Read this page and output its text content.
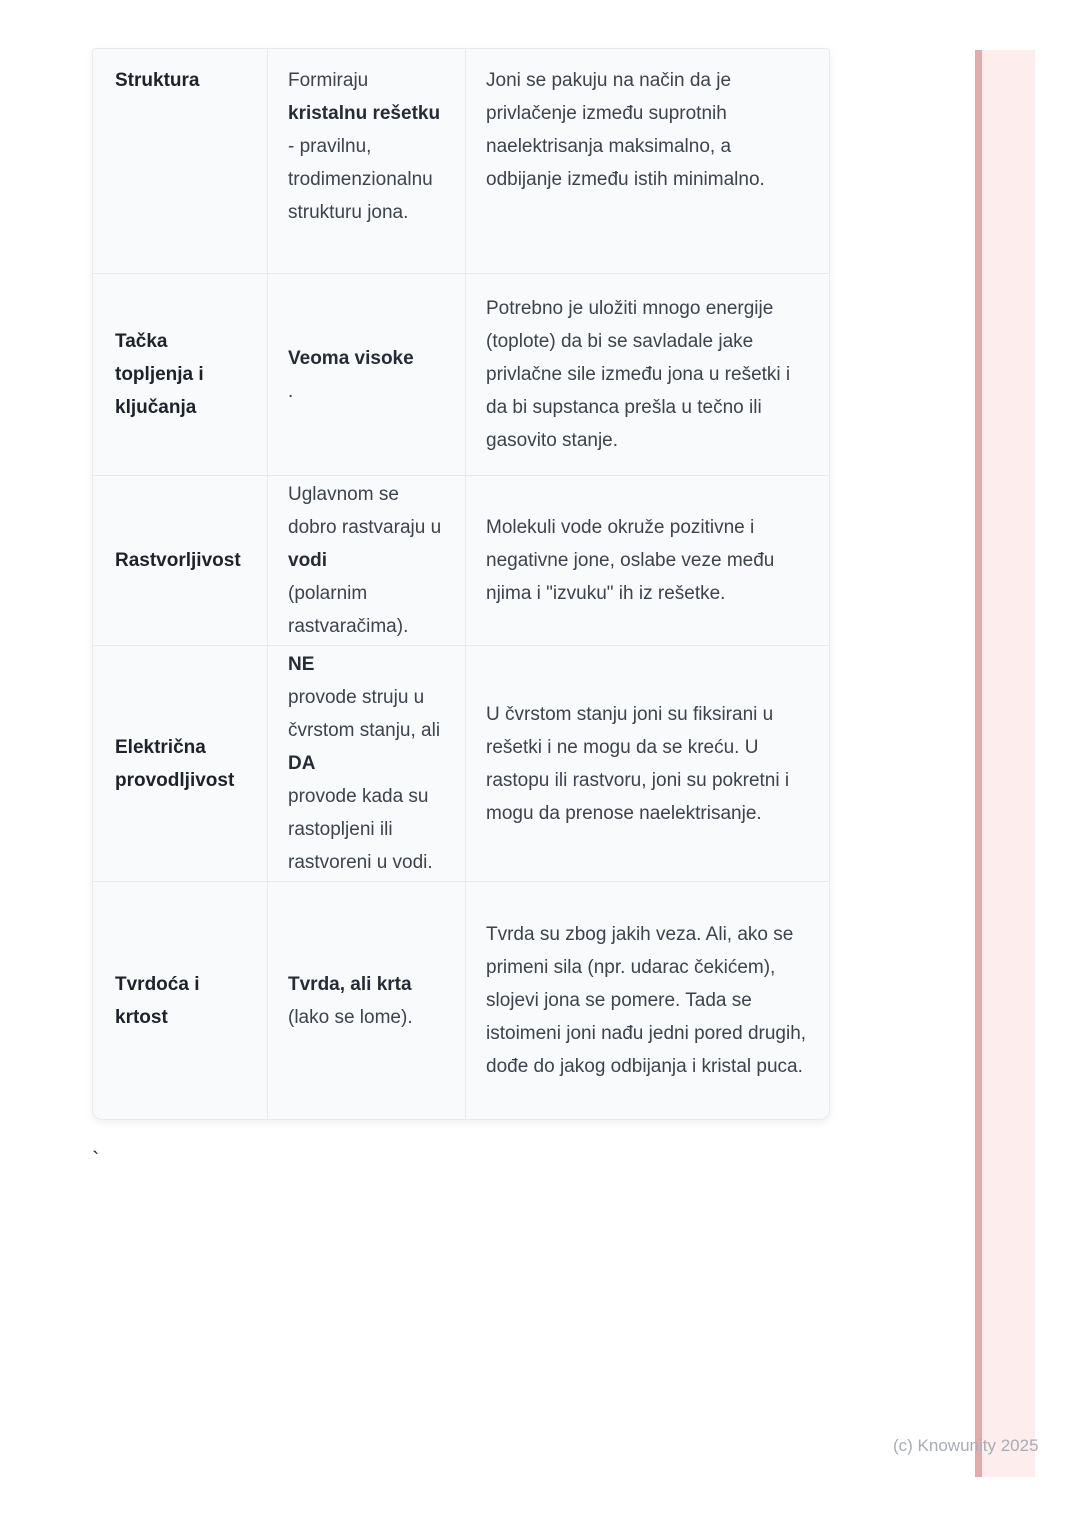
Struktura	Formiraju
kristalnu rešetku
- pravilnu, trodimenzionalnu strukturu jona.
Joni se pakuju na način da je privlačenje između suprotnih naelektrisanja maksimalno, a odbijanje između istih minimalno.
Tačka topljenja i ključanja
Veoma visoke
.
Potrebno je uložiti mnogo energije (toplote) da bi se savladale jake privlačne sile između jona u rešetki i da bi supstanca prešla u tečno ili gasovito stanje.
Rastvorljivost
Uglavnom se dobro rastvaraju u
vodi
(polarnim rastvaračima).
Molekuli vode okruže pozitivne i negativne jone, oslabe veze među njima i "izvuku" ih iz rešetke.
Električna provodljivost
NE
provode struju u čvrstom stanju, ali
DA
provode kada su rastopljeni ili rastvoreni u vodi.
U čvrstom stanju joni su fiksirani u rešetki i ne mogu da se kreću. U rastopu ili rastvoru, joni su pokretni i mogu da prenose naelektrisanje.
Tvrdoća i krtost
Tvrda, ali krta
(lako se lome).
Tvrda su zbog jakih veza. Ali, ako se primeni sila (npr. udarac čekićem), slojevi jona se pomere. Tada se istoimeni joni nađu jedni pored drugih, dođe do jakog odbijanja i kristal puca.
`
(c) Knowunity 2025
